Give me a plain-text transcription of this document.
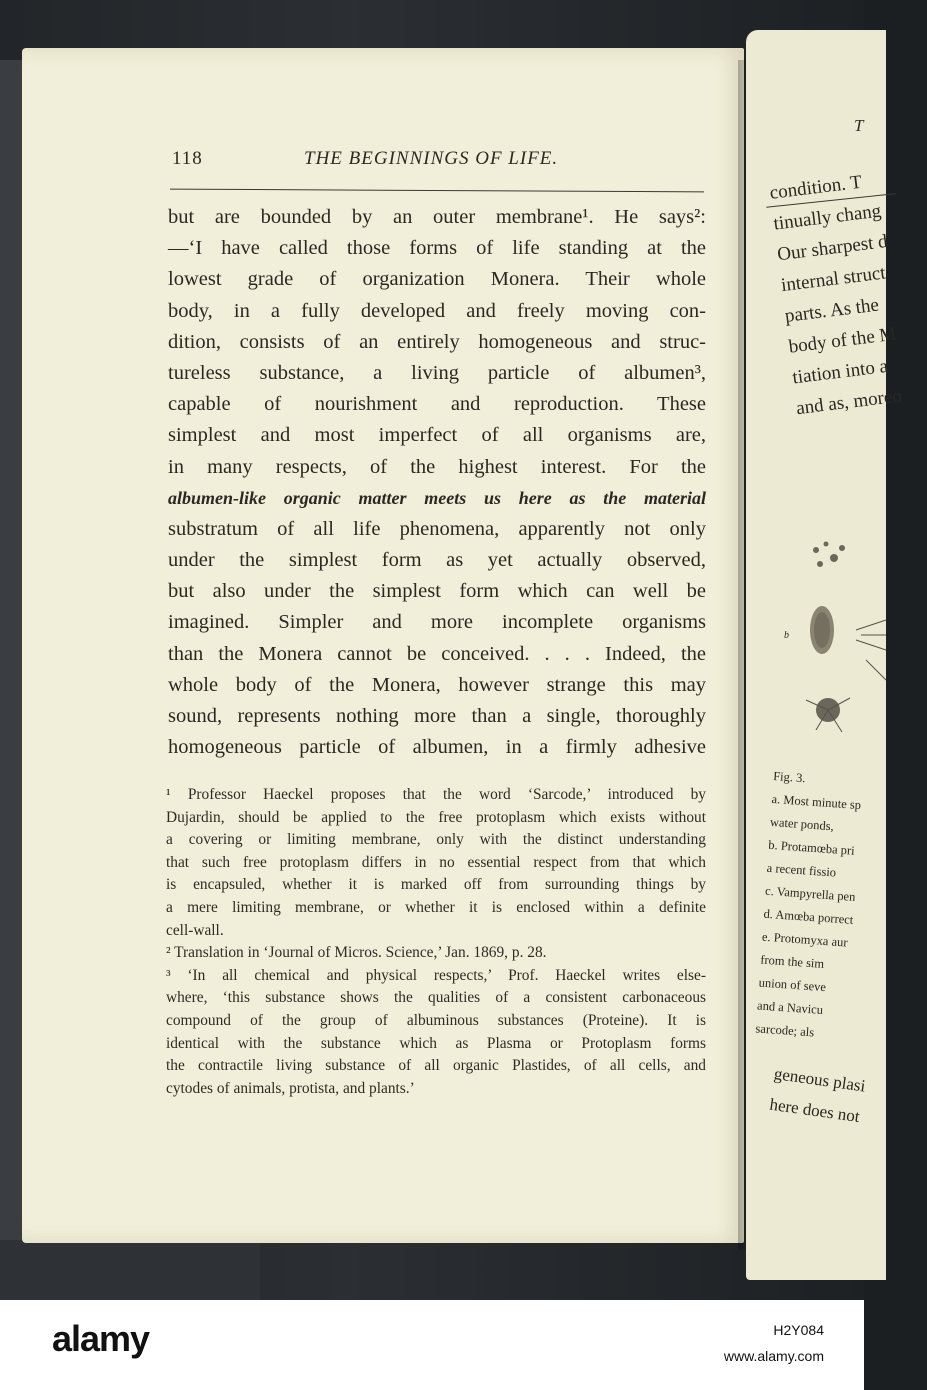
118	THE BEGINNINGS OF LIFE.
but are bounded by an outer membrane¹. He says²:
—‘I have called those forms of life standing at the
lowest grade of organization Monera. Their whole
body, in a fully developed and freely moving con-
dition, consists of an entirely homogeneous and struc-
tureless substance, a living particle of albumen³,
capable of nourishment and reproduction. These
simplest and most imperfect of all organisms are,
in many respects, of the highest interest. For the
albumen-like organic matter meets us here as the material
substratum of all life phenomena, apparently not only
under the simplest form as yet actually observed,
but also under the simplest form which can well be
imagined. Simpler and more incomplete organisms
than the Monera cannot be conceived. . . . Indeed, the
whole body of the Monera, however strange this may
sound, represents nothing more than a single, thoroughly
homogeneous particle of albumen, in a firmly adhesive
¹ Professor Haeckel proposes that the word ‘Sarcode,’ introduced by
Dujardin, should be applied to the free protoplasm which exists without
a covering or limiting membrane, only with the distinct understanding
that such free protoplasm differs in no essential respect from that which
is encapsuled, whether it is marked off from surrounding things by
a mere limiting membrane, or whether it is enclosed within a definite
cell-wall.
² Translation in ‘Journal of Micros. Science,’ Jan. 1869, p. 28.
³ ‘In all chemical and physical respects,’ Prof. Haeckel writes else-
where, ‘this substance shows the qualities of a consistent carbonaceous
compound of the group of albuminous substances (Proteine). It is
identical with the substance which as Plasma or Protoplasm forms
the contractile living substance of all organic Plastides, of all cells, and
cytodes of animals, protista, and plants.’
T
condition. T
tinually chang
Our sharpest d
internal struct
parts. As the
body of the M
tiation into a
and as, moreo
b
Fig. 3.
a. Most minute sp
water ponds,
b. Protamœba pri
a recent fissio
c. Vampyrella pen
d. Amœba porrect
e. Protomyxa aur
from the sim
union of seve
and a Navicu
sarcode; als
geneous plasi
here does not
alamy	H2Y084
www.alamy.com
